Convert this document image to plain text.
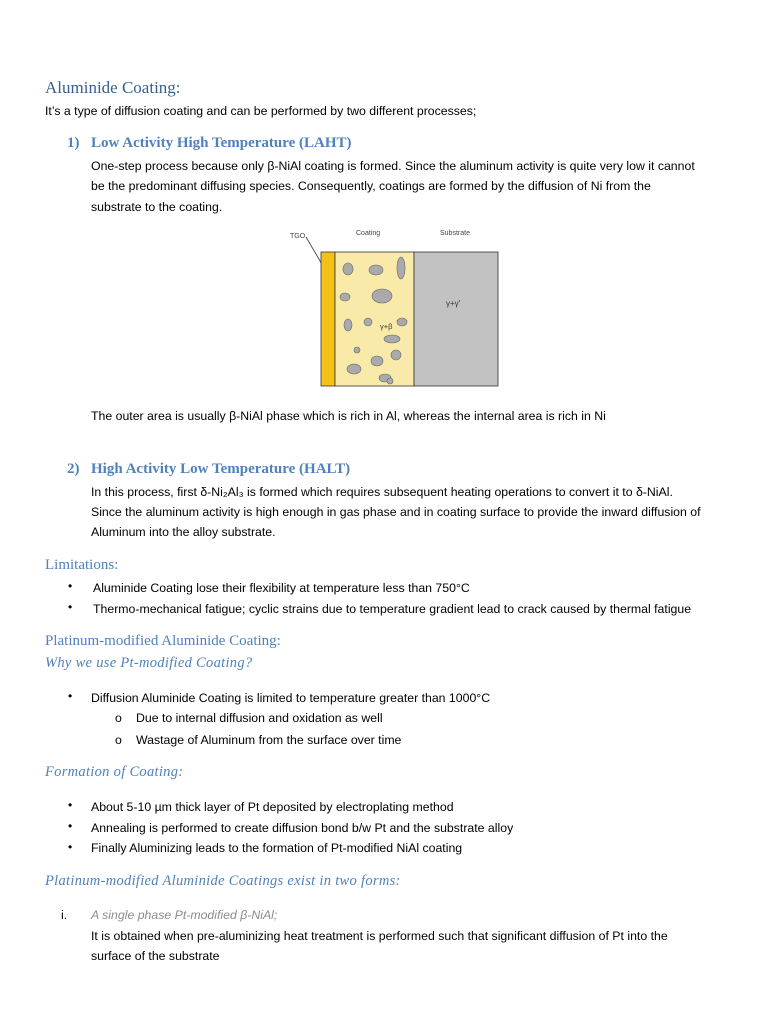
Aluminide Coating:
It’s a type of diffusion coating and can be performed by two different processes;
1) Low Activity High Temperature (LAHT)
One-step process because only β-NiAl coating is formed. Since the aluminum activity is quite very low it cannot
be the predominant diffusing species. Consequently, coatings are formed by the diffusion of Ni from the
substrate to the coating.
TGO	Coating	Substrate
γ+β
γ+γ′
The outer area is usually β-NiAl phase which is rich in Al, whereas the internal area is rich in Ni
2) High Activity Low Temperature (HALT)
In this process, first δ-Ni₂Al₃ is formed which requires subsequent heating operations to convert it to δ-NiAl.
Since the aluminum activity is high enough in gas phase and in coating surface to provide the inward diffusion of
Aluminum into the alloy substrate.
Limitations:
• Aluminide Coating lose their flexibility at temperature less than 750°C
• Thermo-mechanical fatigue; cyclic strains due to temperature gradient lead to crack caused by thermal fatigue
Platinum-modified Aluminide Coating:
Why we use Pt-modified Coating?
• Diffusion Aluminide Coating is limited to temperature greater than 1000°C
o Due to internal diffusion and oxidation as well
o Wastage of Aluminum from the surface over time
Formation of Coating:
• About 5-10 µm thick layer of Pt deposited by electroplating method
• Annealing is performed to create diffusion bond b/w Pt and the substrate alloy
• Finally Aluminizing leads to the formation of Pt-modified NiAl coating
Platinum-modified Aluminide Coatings exist in two forms:
i. A single phase Pt-modified β-NiAl;
It is obtained when pre-aluminizing heat treatment is performed such that significant diffusion of Pt into the
surface of the substrate
